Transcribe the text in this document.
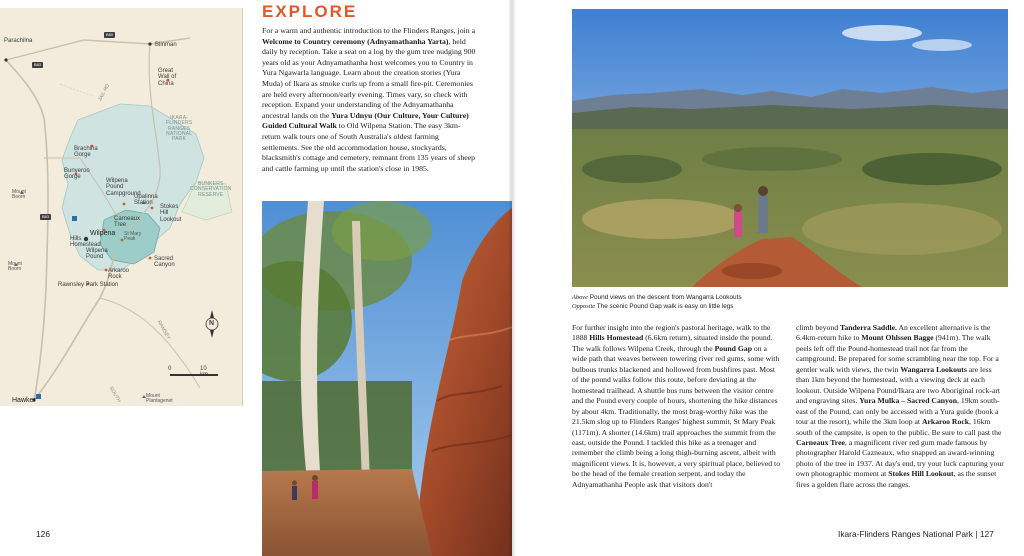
Parachilna
Blinman
Great
Wall of
China
IKARA-
FLINDERS
RANGES
NATIONAL
PARK
Brachina
Gorge
Bunyeroo
Gorge
Wilpena
Pound
Campground
Upalinna
Station
Stokes
Hill
Lookout
BUNKERS
CONSERVATION
RESERVE
Carneaux
Tree
Wilpena
Hills
Homestead
Wilpena
Pound
St Mary
Peak
Arkaroo
Rock
Sacred
Canyon
Rawnsley Park Station
Hawker
Mount
Boorn
Mount
Boorn
Mount
Plantagenet
JAIL RD
RAMSEY
SOUTH
B83
B83
B80
N
0	10
EXPLORE

For a warm and authentic introduction to the Flinders Ranges, join a Welcome to Country ceremony (Adnyamathanha Yarta), held daily by reception. Take a seat on a log by the gum tree nudging 900 years old as your Adnyamathanha host welcomes you to Country in Yura Ngawarla language. Learn about the creation stories (Yura Muda) of Ikara as smoke curls up from a small fire-pit. Ceremonies are held every afternoon/early evening. Times vary, so check with reception. Expand your understanding of the Adnyamathanha ancestral lands on the Yura Udnyu (Our Culture, Your Culture) Guided Cultural Walk to Old Wilpena Station. The easy 3km-return walk tours one of South Australia's oldest farming settlements. See the old accommodation house, stockyards, blacksmith's cottage and cemetery, remnant from 135 years of sheep and cattle farming up until the station's close in 1985.

126
Above Pound views on the descent from Wangarra Lookouts
Opposite The scenic Pound Gap walk is easy on little legs

For further insight into the region's pastoral heritage, walk to the 1888 Hills Homestead (6.6km return), situated inside the pound. The walk follows Wilpena Creek, through the Pound Gap on a wide path that weaves between towering river red gums, some with bulbous trunks blackened and hollowed from bushfires past. Most of the pound walks follow this route, before deviating at the homestead trailhead. A shuttle bus runs between the visitor centre and the Pound every couple of hours, shortening the hike distances by about 4km. Traditionally, the most brag-worthy hike was the 21.5km slog up to Flinders Ranges' highest summit, St Mary Peak (1171m). A shorter (14.6km) trail approaches the summit from the east, outside the Pound. I tackled this hike as a teenager and remember the climb being a long thigh-burning ascent, albeit with magnificent views. It is, however, a very spiritual place, believed to be the head of the female creation serpent, and today the Adnyamathanha People ask that visitors don't

climb beyond Tanderra Saddle. An excellent alternative is the 6.4km-return hike to Mount Ohlssen Bagge (941m). The walk peels left off the Pound-homestead trail not far from the campground. Be prepared for some scrambling near the top. For a gentler walk with views, the twin Wangarra Lookouts are less than 1km beyond the homestead, with a viewing deck at each lookout. Outside Wilpena Pound/Ikara are two Aboriginal rock-art and engraving sites. Yura Mulka – Sacred Canyon, 19km south-east of the Pound, can only be accessed with a Yura guide (book a tour at the resort), while the 3km loop at Arkaroo Rock, 16km south of the campsite, is open to the public. Be sure to call past the Carneaux Tree, a magnificent river red gum made famous by photographer Harold Cazneaux, who snapped an award-winning photo of the tree in 1937. At day's end, try your luck capturing your own photographic moment at Stokes Hill Lookout, as the sunset fires a golden flare across the ranges.

Ikara-Flinders Ranges National Park | 127
